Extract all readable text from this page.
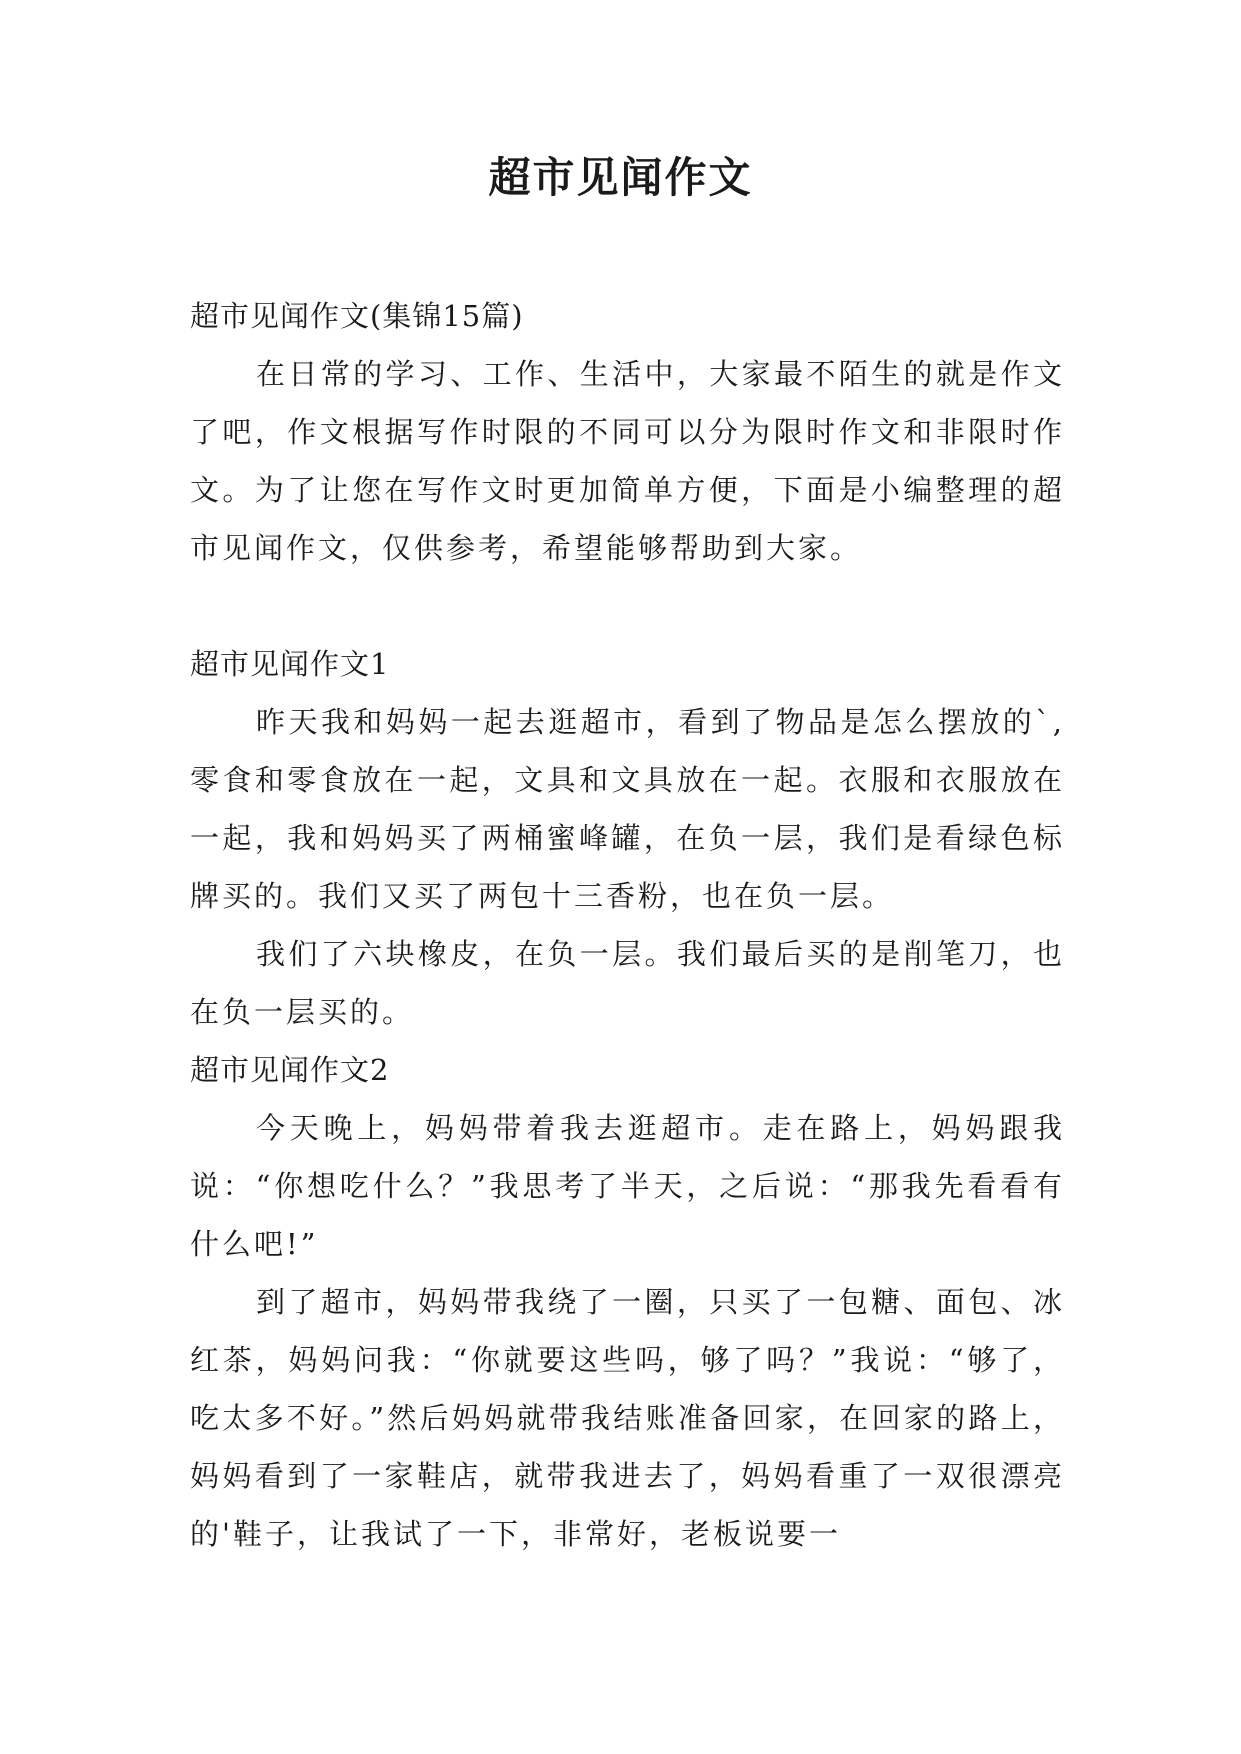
超市见闻作文

超市见闻作文(集锦15篇)

在日常的学习、工作、生活中，大家最不陌生的就是作文了吧，作文根据写作时限的不同可以分为限时作文和非限时作文。为了让您在写作文时更加简单方便，下面是小编整理的超市见闻作文，仅供参考，希望能够帮助到大家。

超市见闻作文1

昨天我和妈妈一起去逛超市，看到了物品是怎么摆放的`,零食和零食放在一起，文具和文具放在一起。衣服和衣服放在一起，我和妈妈买了两桶蜜峰罐，在负一层，我们是看绿色标牌买的。我们又买了两包十三香粉，也在负一层。

我们了六块橡皮，在负一层。我们最后买的是削笔刀，也在负一层买的。

超市见闻作文2

今天晚上，妈妈带着我去逛超市。走在路上，妈妈跟我说：“你想吃什么？”我思考了半天，之后说：“那我先看看有什么吧!”

到了超市，妈妈带我绕了一圈，只买了一包糖、面包、冰红茶，妈妈问我：“你就要这些吗，够了吗？”我说：“够了，吃太多不好。”然后妈妈就带我结账准备回家，在回家的路上，妈妈看到了一家鞋店，就带我进去了，妈妈看重了一双很漂亮的'鞋子，让我试了一下，非常好，老板说要一
